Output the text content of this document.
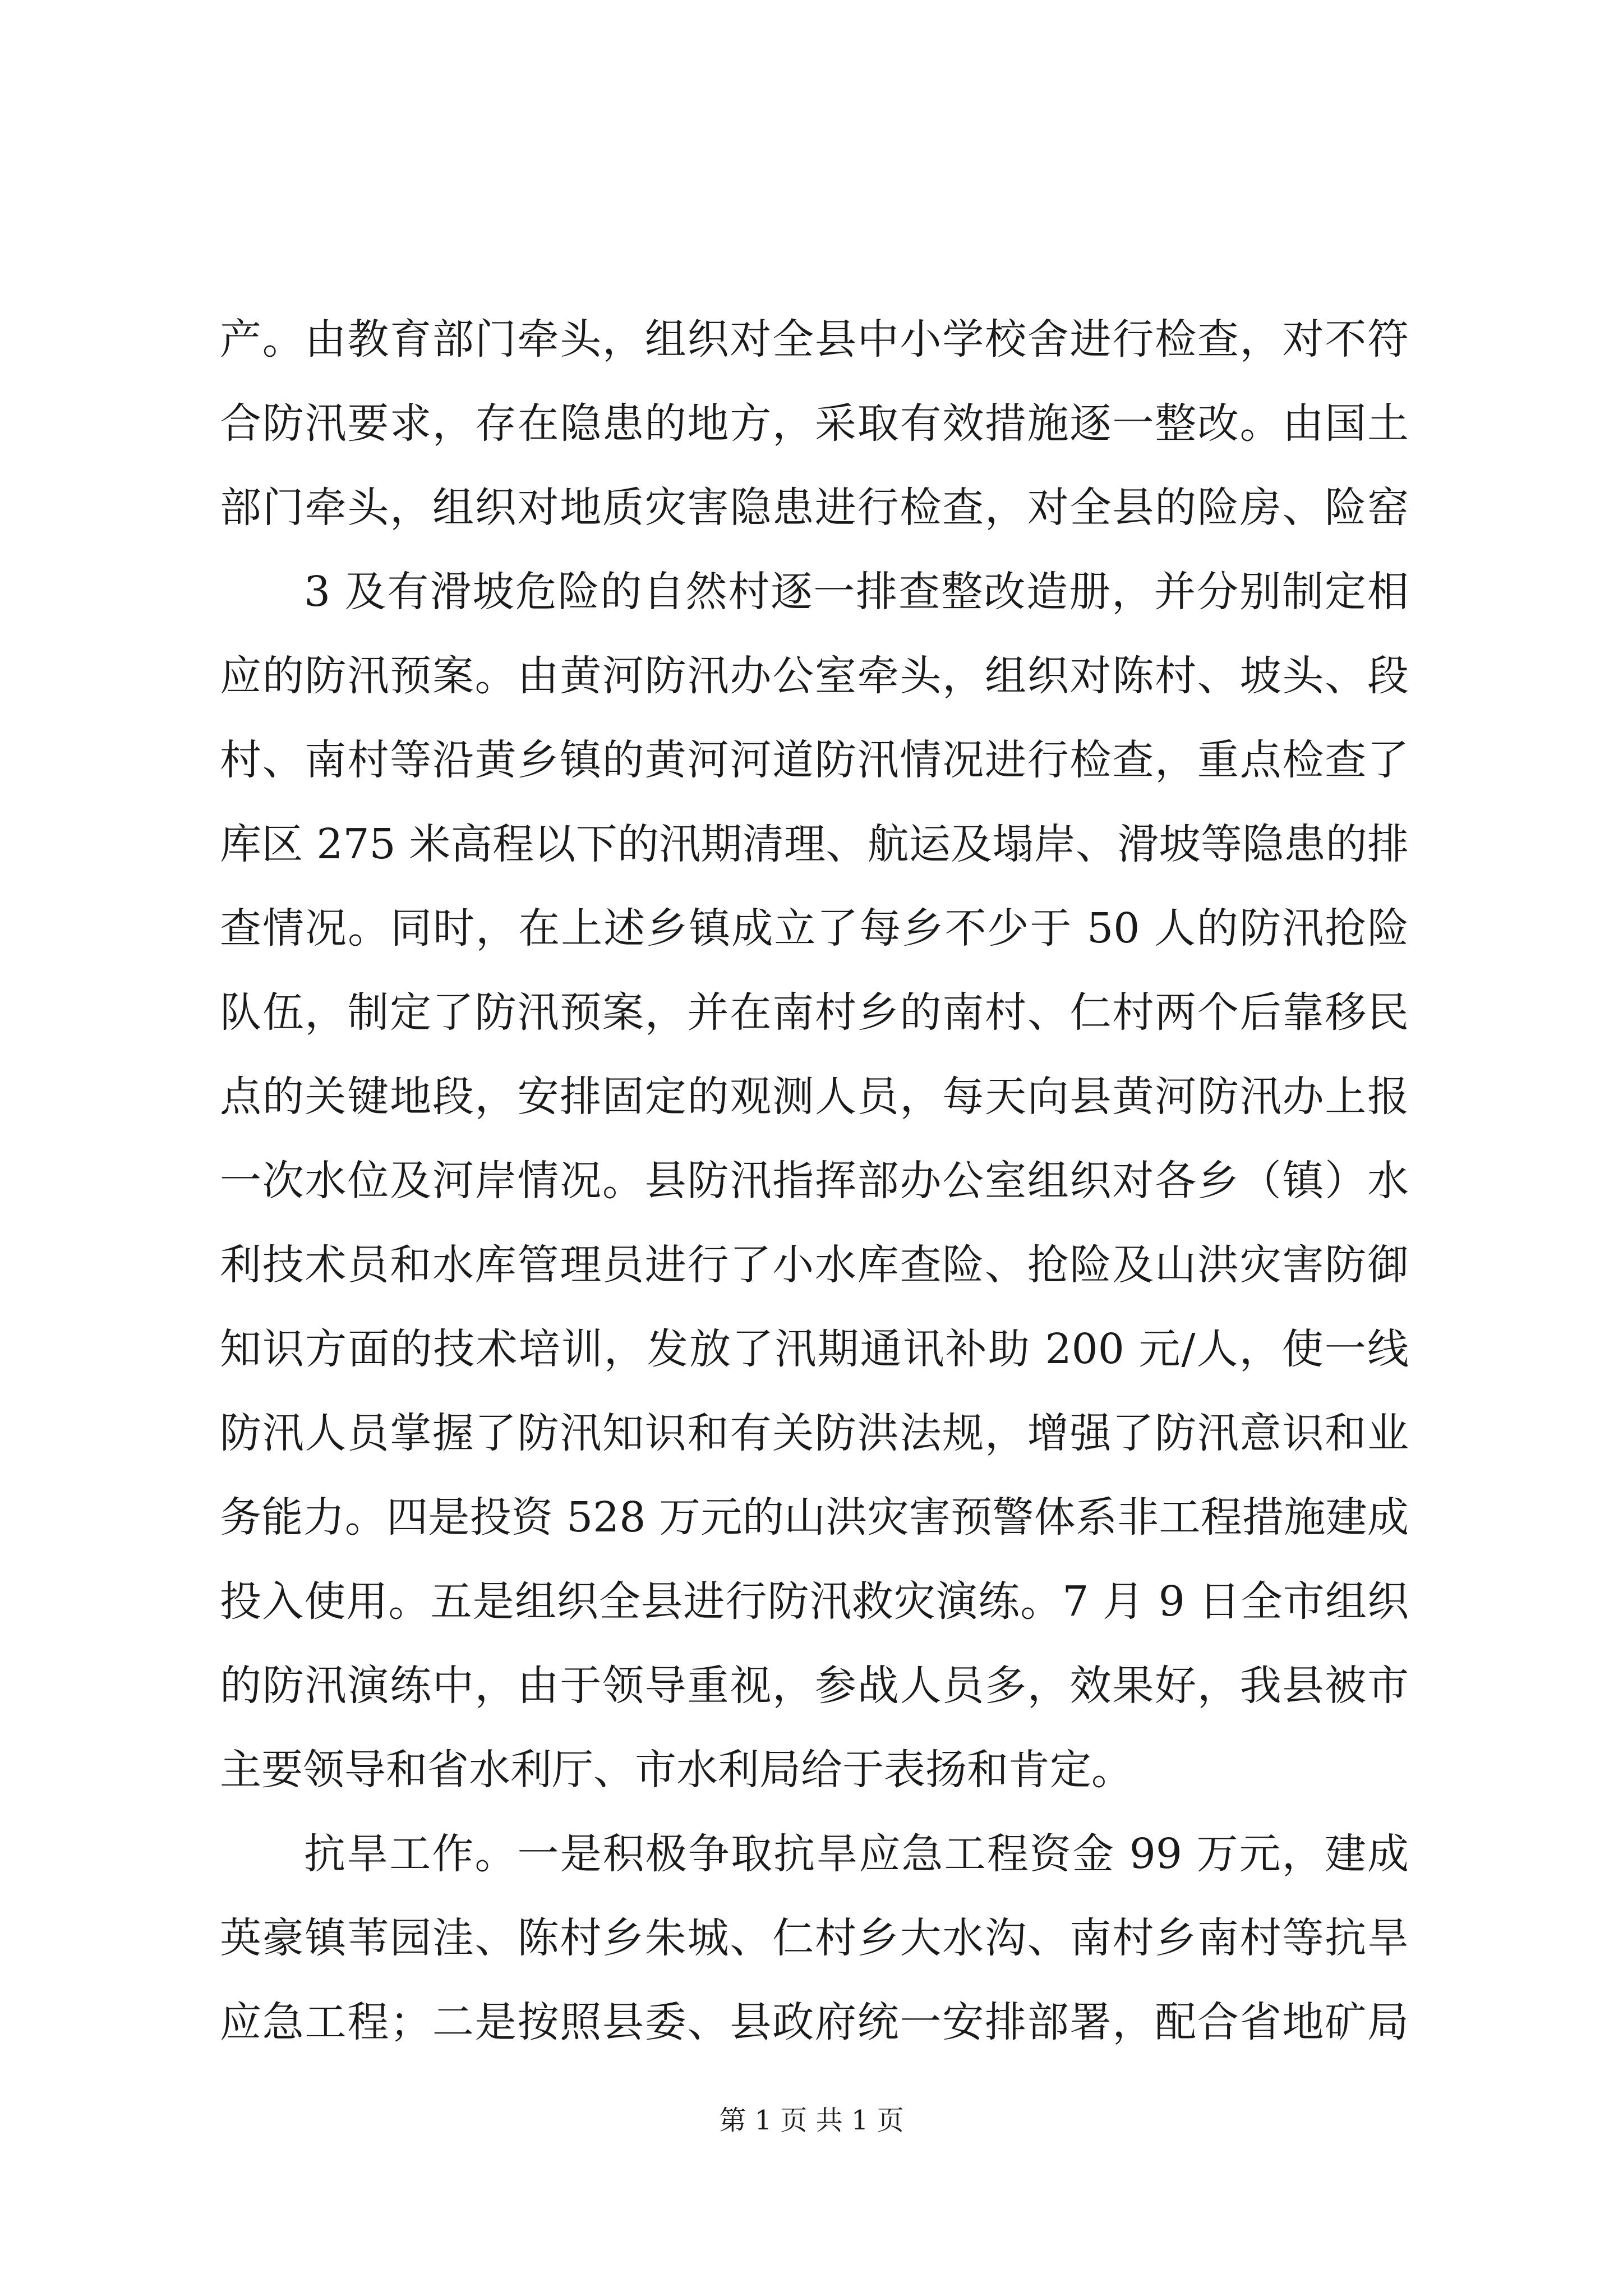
产。由教育部门牵头，组织对全县中小学校舍进行检查，对不符
合防汛要求，存在隐患的地方，采取有效措施逐一整改。由国土
部门牵头，组织对地质灾害隐患进行检查，对全县的险房、险窑
3 及有滑坡危险的自然村逐一排查整改造册，并分别制定相
应的防汛预案。由黄河防汛办公室牵头，组织对陈村、坡头、段
村、南村等沿黄乡镇的黄河河道防汛情况进行检查，重点检查了
库区 275 米高程以下的汛期清理、航运及塌岸、滑坡等隐患的排
查情况。同时，在上述乡镇成立了每乡不少于 50 人的防汛抢险
队伍，制定了防汛预案，并在南村乡的南村、仁村两个后靠移民
点的关键地段，安排固定的观测人员，每天向县黄河防汛办上报
一次水位及河岸情况。县防汛指挥部办公室组织对各乡（镇）水
利技术员和水库管理员进行了小水库查险、抢险及山洪灾害防御
知识方面的技术培训，发放了汛期通讯补助 200 元/人，使一线
防汛人员掌握了防汛知识和有关防洪法规，增强了防汛意识和业
务能力。四是投资 528 万元的山洪灾害预警体系非工程措施建成
投入使用。五是组织全县进行防汛救灾演练。7 月 9 日全市组织
的防汛演练中，由于领导重视，参战人员多，效果好，我县被市
主要领导和省水利厅、市水利局给于表扬和肯定。
抗旱工作。一是积极争取抗旱应急工程资金 99 万元，建成
英豪镇苇园洼、陈村乡朱城、仁村乡大水沟、南村乡南村等抗旱
应急工程；二是按照县委、县政府统一安排部署，配合省地矿局
第 1 页 共 1 页
